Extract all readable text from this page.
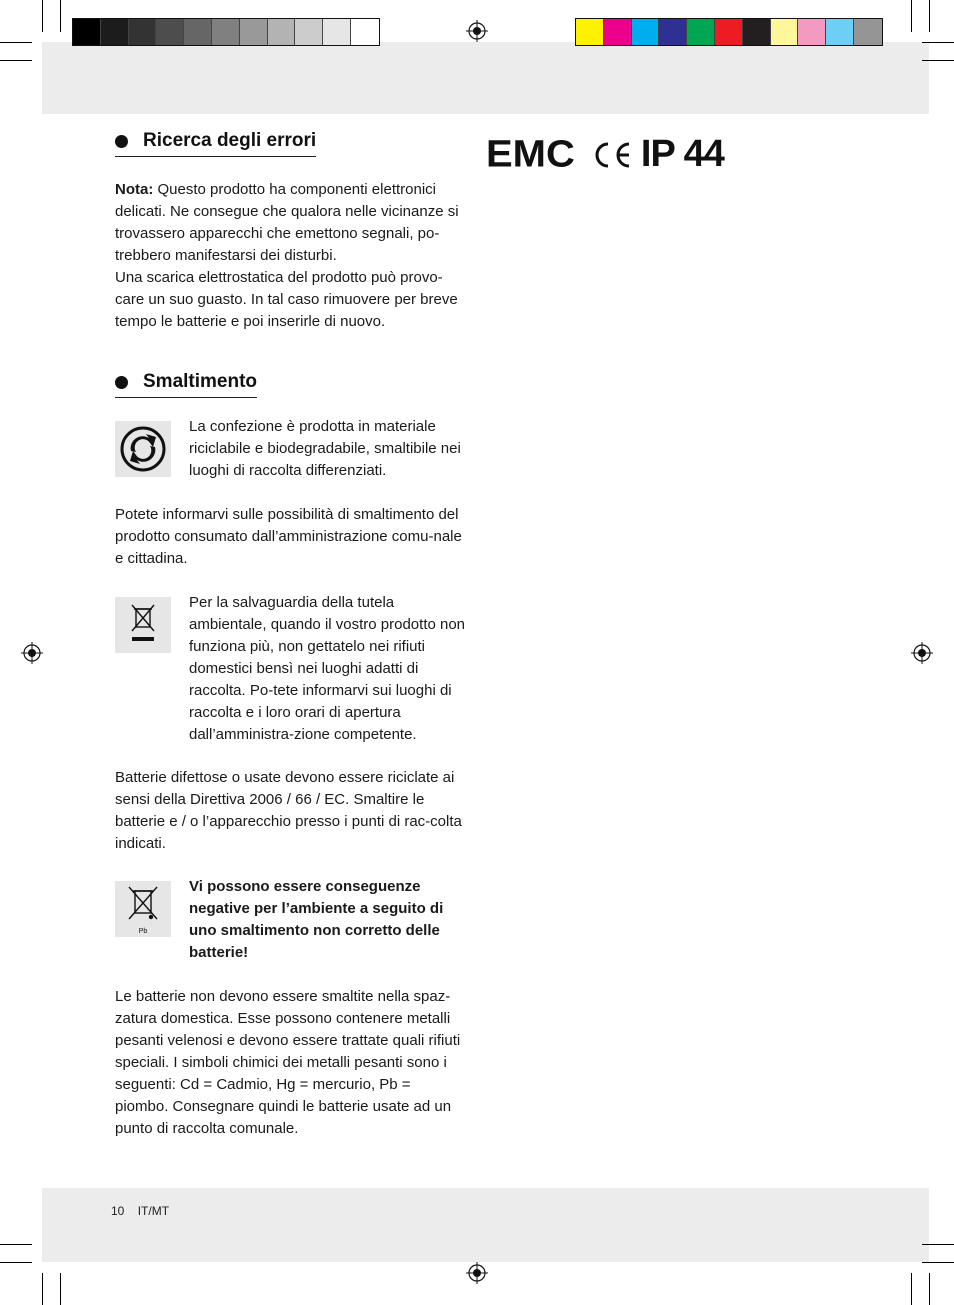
Ricerca degli errori

Nota: Questo prodotto ha componenti elettronici delicati. Ne consegue che qualora nelle vicinanze si trovassero apparecchi che emettono segnali, po-trebbero manifestarsi dei disturbi.

Una scarica elettrostatica del prodotto può provo-care un suo guasto. In tal caso rimuovere per breve tempo le batterie e poi inserirle di nuovo.

Smaltimento
La confezione è prodotta in materiale riciclabile e biodegradabile, smaltibile nei luoghi di raccolta differenziati.

Potete informarvi sulle possibilità di smaltimento del prodotto consumato dall’amministrazione comu-nale e cittadina.

Per la salvaguardia della tutela ambientale, quando il vostro prodotto non funziona più, non gettatelo nei rifiuti domestici bensì nei luoghi adatti di raccolta. Po-tete informarvi sui luoghi di raccolta e i loro orari di apertura dall’amministra-zione competente.

Batterie difettose o usate devono essere riciclate ai sensi della Direttiva 2006 / 66 / EC. Smaltire le batterie e / o l’apparecchio presso i punti di rac-colta indicati.

Pb
Vi possono essere conseguenze negative per l’ambiente a seguito di uno smaltimento non corretto delle batterie!

Le batterie non devono essere smaltite nella spaz-zatura domestica. Esse possono contenere metalli pesanti velenosi e devono essere trattate quali rifiuti speciali. I simboli chimici dei metalli pesanti sono i seguenti: Cd = Cadmio, Hg = mercurio, Pb = piombo. Consegnare quindi le batterie usate ad un punto di raccolta comunale.

EMC IP 44
10 IT/MT
